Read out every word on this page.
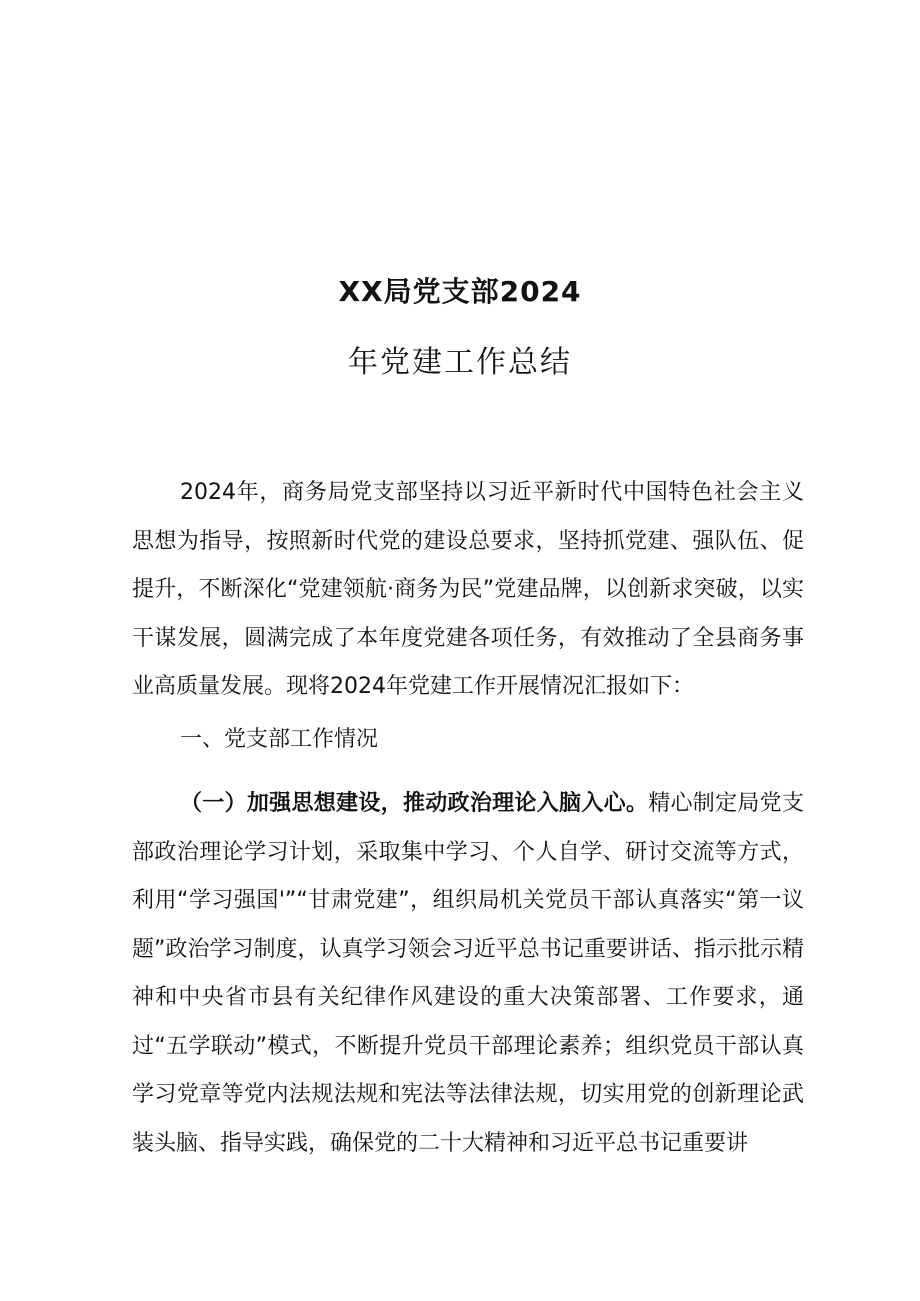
XX局党支部2024
年党建工作总结

2024年，商务局党支部坚持以习近平新时代中国特色社会主义思想为指导，按照新时代党的建设总要求，坚持抓党建、强队伍、促提升，不断深化“党建领航·商务为民”党建品牌，以创新求突破，以实干谋发展，圆满完成了本年度党建各项任务，有效推动了全县商务事业高质量发展。现将2024年党建工作开展情况汇报如下：

一、党支部工作情况

（一）加强思想建设，推动政治理论入脑入心。精心制定局党支部政治理论学习计划，采取集中学习、个人自学、研讨交流等方式，利用“学习强国'”“甘肃党建”，组织局机关党员干部认真落实“第一议题”政治学习制度，认真学习领会习近平总书记重要讲话、指示批示精神和中央省市县有关纪律作风建设的重大决策部署、工作要求，通过“五学联动”模式，不断提升党员干部理论素养；组织党员干部认真学习党章等党内法规法规和宪法等法律法规，切实用党的创新理论武装头脑、指导实践，确保党的二十大精神和习近平总书记重要讲
